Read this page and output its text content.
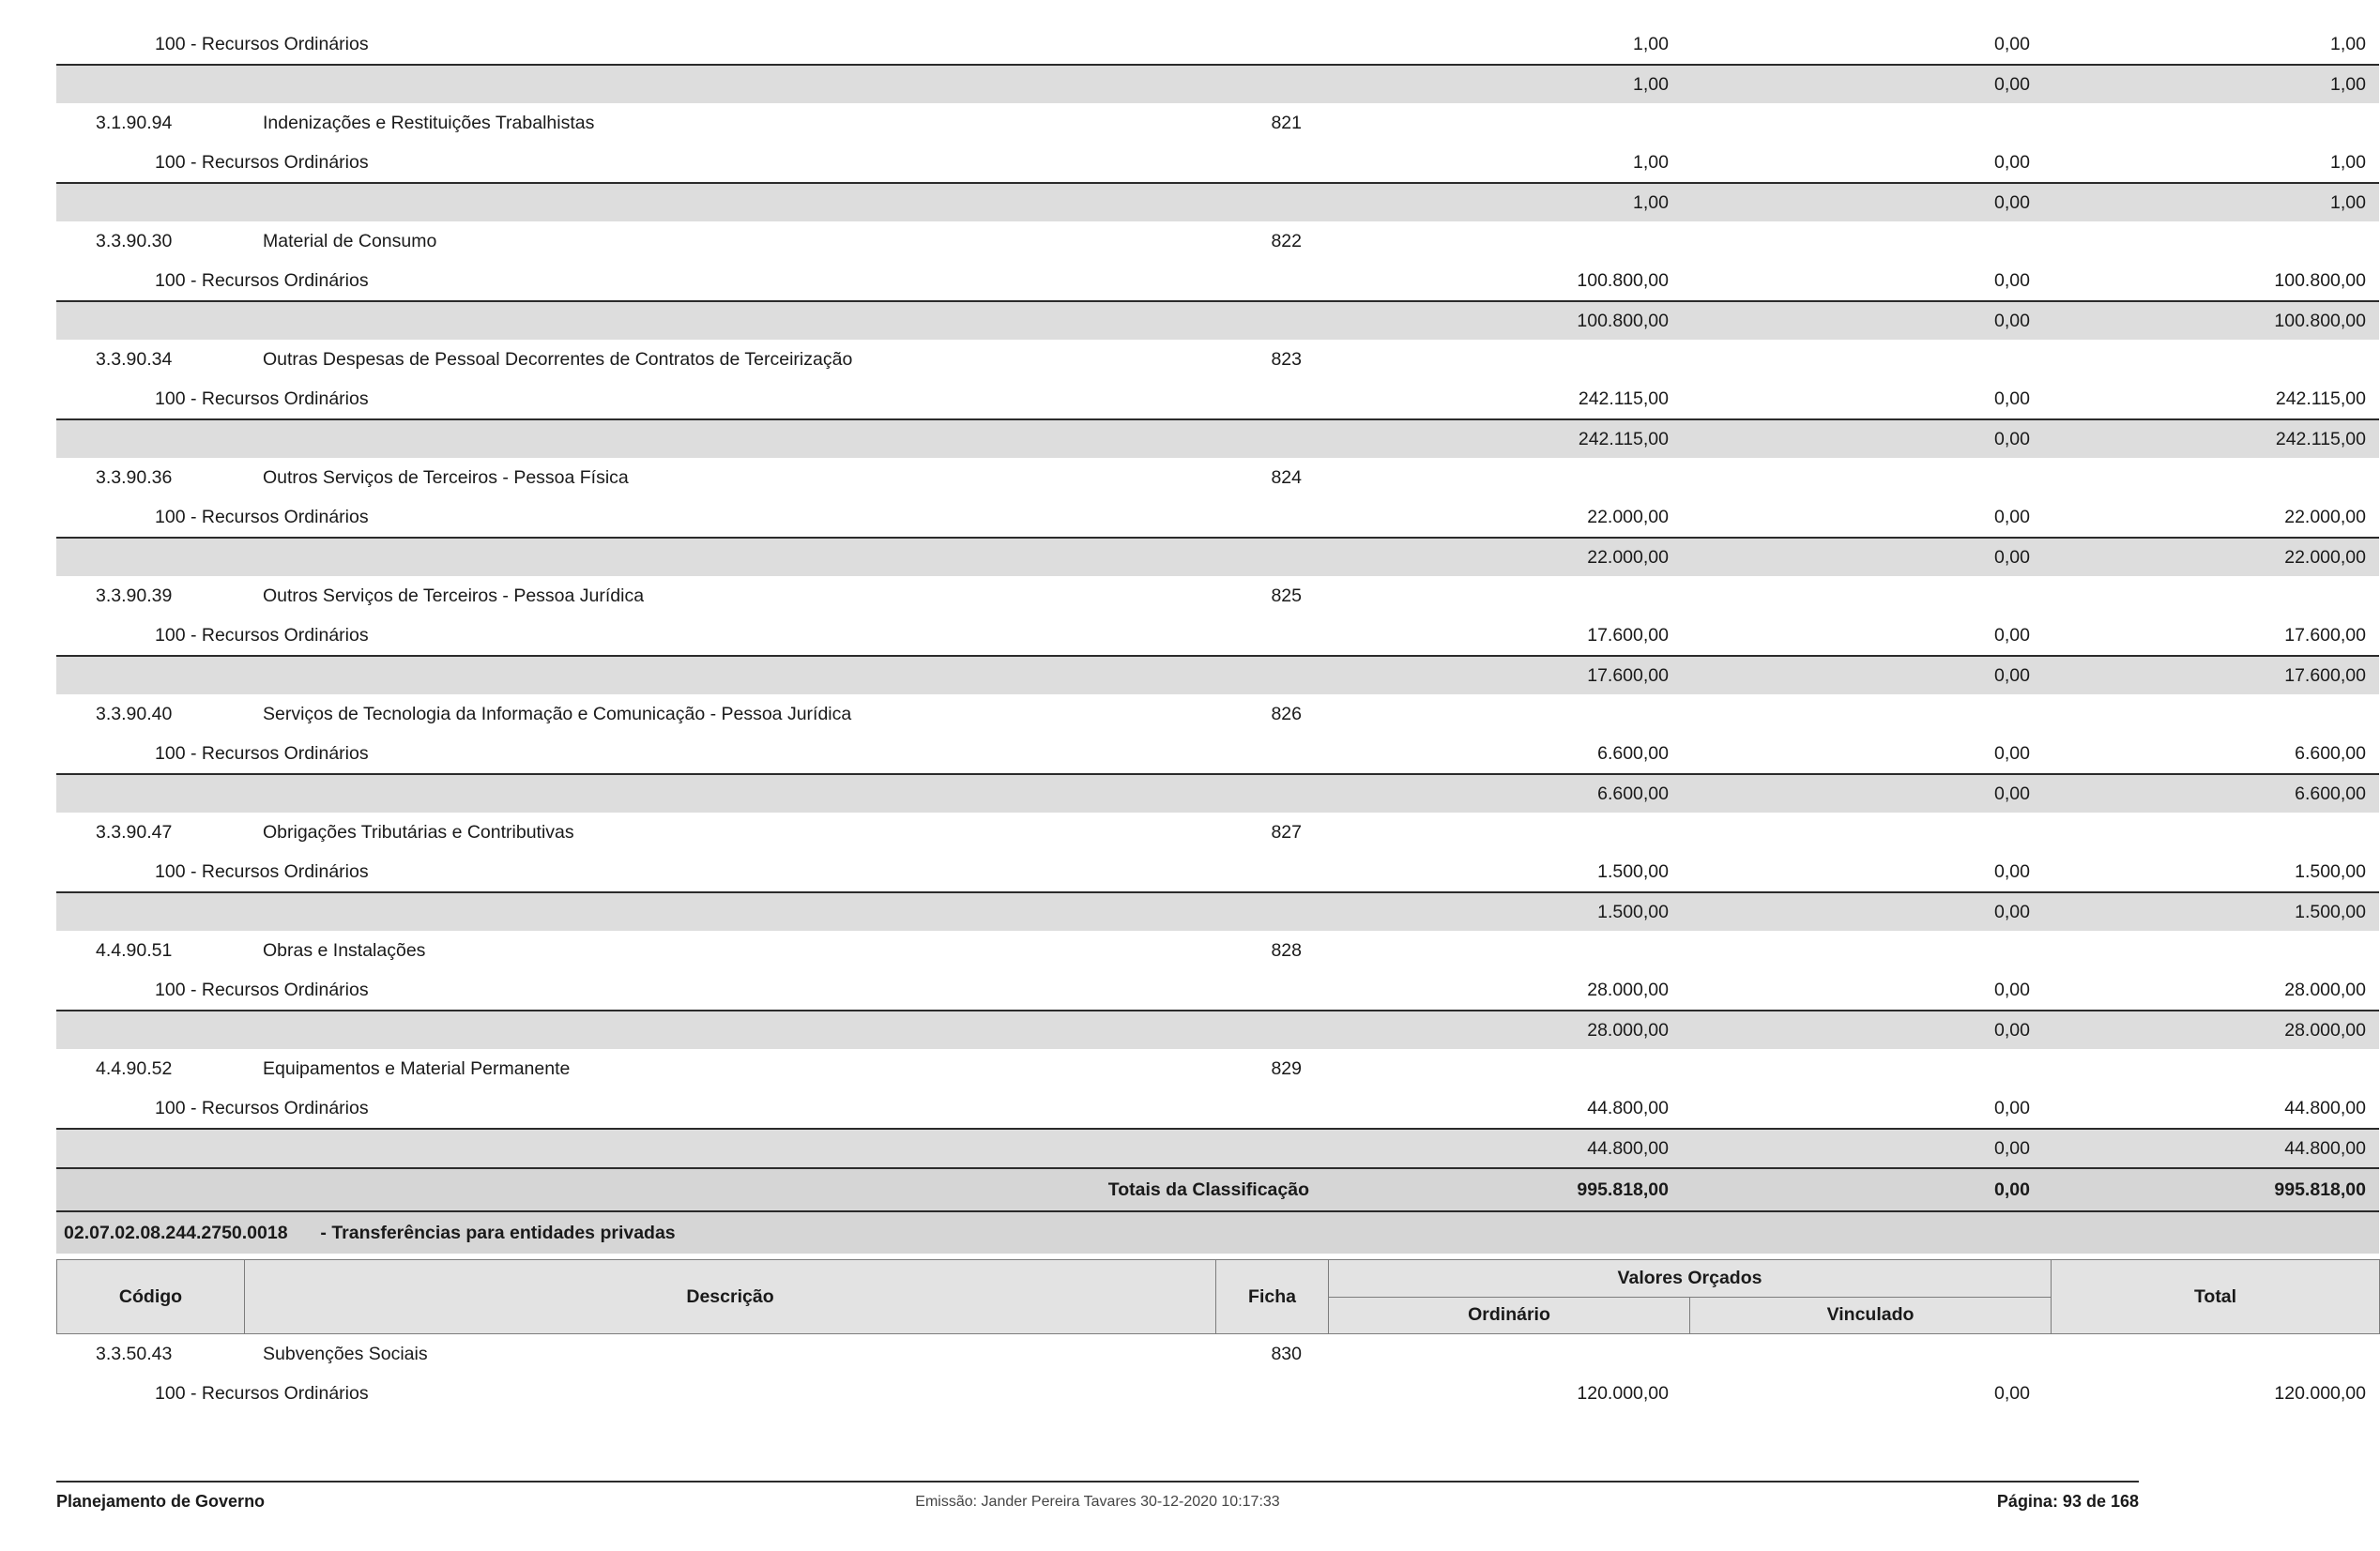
100 - Recursos Ordinários			1,00	0,00	1,00
			1,00	0,00	1,00
3.1.90.94	Indenizações e Restituições Trabalhistas	821			
100 - Recursos Ordinários			1,00	0,00	1,00
			1,00	0,00	1,00
3.3.90.30	Material de Consumo	822			
100 - Recursos Ordinários			100.800,00	0,00	100.800,00
			100.800,00	0,00	100.800,00
3.3.90.34	Outras Despesas de Pessoal Decorrentes de Contratos de Terceirização	823			
100 - Recursos Ordinários			242.115,00	0,00	242.115,00
			242.115,00	0,00	242.115,00
3.3.90.36	Outros Serviços de Terceiros - Pessoa Física	824			
100 - Recursos Ordinários			22.000,00	0,00	22.000,00
			22.000,00	0,00	22.000,00
3.3.90.39	Outros Serviços de Terceiros - Pessoa Jurídica	825			
100 - Recursos Ordinários			17.600,00	0,00	17.600,00
			17.600,00	0,00	17.600,00
3.3.90.40	Serviços de Tecnologia da Informação e Comunicação - Pessoa Jurídica	826			
100 - Recursos Ordinários			6.600,00	0,00	6.600,00
			6.600,00	0,00	6.600,00
3.3.90.47	Obrigações Tributárias e Contributivas	827			
100 - Recursos Ordinários			1.500,00	0,00	1.500,00
			1.500,00	0,00	1.500,00
4.4.90.51	Obras e Instalações	828			
100 - Recursos Ordinários			28.000,00	0,00	28.000,00
			28.000,00	0,00	28.000,00
4.4.90.52	Equipamentos e Material Permanente	829			
100 - Recursos Ordinários			44.800,00	0,00	44.800,00
			44.800,00	0,00	44.800,00
Totais da Classificação			995.818,00	0,00	995.818,00
02.07.02.08.244.2750.0018 - Transferências para entidades privadas					
Código	Descrição	Ficha	Valores Orçados		Total
			Ordinário	Vinculado	
3.3.50.43	Subvenções Sociais	830			
100 - Recursos Ordinários			120.000,00	0,00	120.000,00
Planejamento de Governo	Emissão: Jander Pereira Tavares 30-12-2020 10:17:33	Página: 93 de 168
